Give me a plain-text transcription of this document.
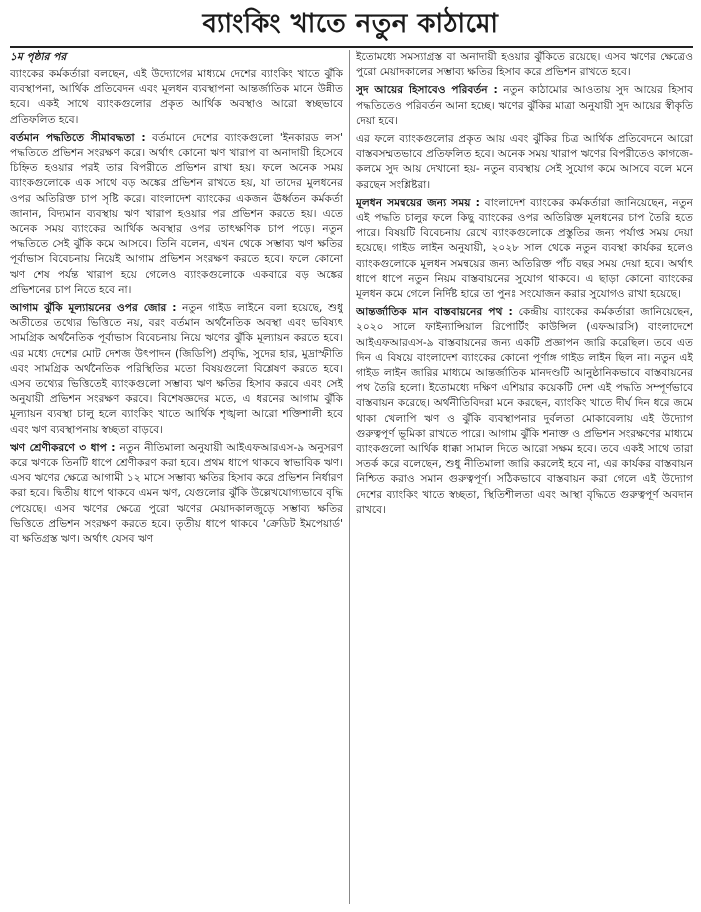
ব্যাংকিং খাতে নতুন কাঠামো
১ম পৃষ্ঠার পর

ব্যাংকের কর্মকর্তারা বলছেন, এই উদ্যোগের মাধ্যমে দেশের ব্যাংকিং খাতে ঝুঁকি ব্যবস্থাপনা, আর্থিক প্রতিবেদন এবং মূলধন ব্যবস্থাপনা আন্তর্জাতিক মানে উন্নীত হবে। একই সাথে ব্যাংকগুলোর প্রকৃত আর্থিক অবস্থাও আরো স্বচ্ছভাবে প্রতিফলিত হবে।

বর্তমান পদ্ধতিতে সীমাবদ্ধতা : বর্তমানে দেশের ব্যাংকগুলো 'ইনকারড লস' পদ্ধতিতে প্রভিশন সংরক্ষণ করে। অর্থাৎ কোনো ঋণ খারাপ বা অনাদায়ী হিসেবে চিহ্নিত হওয়ার পরই তার বিপরীতে প্রভিশন রাখা হয়। ফলে অনেক সময় ব্যাংকগুলোকে এক সাথে বড় অঙ্কের প্রভিশন রাখতে হয়, যা তাদের মুলধনের ওপর অতিরিক্ত চাপ সৃষ্টি করে। বাংলাদেশ ব্যাংকের একজন ঊর্ধ্বতন কর্মকর্তা জানান, বিদ্যমান ব্যবস্থায় ঋণ খারাপ হওয়ার পর প্রভিশন করতে হয়। এতে অনেক সময় ব্যাংকের আর্থিক অবস্থার ওপর তাৎক্ষণিক চাপ পড়ে। নতুন পদ্ধতিতে সেই ঝুঁকি কমে আসবে। তিনি বলেন, এখন থেকে সম্ভাব্য ঋণ ক্ষতির পূর্বাভাস বিবেচনায় নিয়েই আগাম প্রভিশন সংরক্ষণ করতে হবে। ফলে কোনো ঋণ শেষ পর্যন্ত খারাপ হয়ে গেলেও ব্যাংকগুলোকে একবারে বড় অঙ্কের প্রভিশনের চাপ নিতে হবে না।

আগাম ঝুঁকি মূল্যায়নের ওপর জোর : নতুন গাইড লাইনে বলা হয়েছে, শুধু অতীতের তথ্যের ভিত্তিতে নয়, বরং বর্তমান অর্থনৈতিক অবস্থা এবং ভবিষ্যৎ সামগ্রিক অর্থনৈতিক পূর্বাভাস বিবেচনায় নিয়ে ঋণের ঝুঁকি মূল্যায়ন করতে হবে। এর মধ্যে দেশের মোট দেশজ উৎপাদন (জিডিপি) প্রবৃদ্ধি, সুদের হার, মুদ্রাস্ফীতি এবং সামগ্রিক অর্থনৈতিক পরিস্থিতির মতো বিষয়গুলো বিশ্লেষণ করতে হবে। এসব তথ্যের ভিত্তিতেই ব্যাংকগুলো সম্ভাব্য ঋণ ক্ষতির হিসাব করবে এবং সেই অনুযায়ী প্রভিশন সংরক্ষণ করবে। বিশেষজ্ঞদের মতে, এ ধরনের আগাম ঝুঁকি মূল্যায়ন ব্যবস্থা চালু হলে ব্যাংকিং খাতে আর্থিক শৃঙ্খলা আরো শক্তিশালী হবে এবং ঋণ ব্যবস্থাপনায় স্বচ্ছতা বাড়বে।

ঋণ শ্রেণীকরণে ৩ ধাপ : নতুন নীতিমালা অনুযায়ী আইএফআরএস-৯ অনুসরণ করে ঋণকে তিনটি ধাপে শ্রেণীকরণ করা হবে। প্রথম ধাপে থাকবে স্বাভাবিক ঋণ। এসব ঋণের ক্ষেত্রে আগামী ১২ মাসে সম্ভাব্য ক্ষতির হিসাব করে প্রভিশন নির্ধারণ করা হবে। দ্বিতীয় ধাপে থাকবে এমন ঋণ, যেগুলোর ঝুঁকি উল্লেখযোগ্যভাবে বৃদ্ধি পেয়েছে। এসব ঋণের ক্ষেত্রে পুরো ঋণের মেয়াদকালজুড়ে সম্ভাব্য ক্ষতির ভিত্তিতে প্রভিশন সংরক্ষণ করতে হবে। তৃতীয় ধাপে থাকবে 'ক্রেডিট ইমপেয়ার্ড' বা ক্ষতিগ্রস্ত ঋণ। অর্থাৎ যেসব ঋণ

ইতোমধ্যে সমস্যাগ্রস্ত বা অনাদায়ী হওয়ার ঝুঁকিতে রয়েছে। এসব ঋণের ক্ষেত্রেও পুরো মেয়াদকালের সম্ভাব্য ক্ষতির হিসাব করে প্রভিশন রাখতে হবে।

সুদ আয়ের হিসাবেও পরিবর্তন : নতুন কাঠামোর আওতায় সুদ আয়ের হিসাব পদ্ধতিতেও পরিবর্তন আনা হচ্ছে। ঋণের ঝুঁকির মাত্রা অনুযায়ী সুদ আয়ের স্বীকৃতি দেয়া হবে।

এর ফলে ব্যাংকগুলোর প্রকৃত আয় এবং ঝুঁকির চিত্র আর্থিক প্রতিবেদনে আরো বাস্তবসম্মতভাবে প্রতিফলিত হবে। অনেক সময় খারাপ ঋণের বিপরীতেও কাগজে-কলমে সুদ আয় দেখানো হয়- নতুন ব্যবস্থায় সেই সুযোগ কমে আসবে বলে মনে করছেন সংশ্লিষ্টরা।

মূলধন সমন্বয়ের জন্য সময় : বাংলাদেশ ব্যাংকের কর্মকর্তারা জানিয়েছেন, নতুন এই পদ্ধতি চালুর ফলে কিছু ব্যাংকের ওপর অতিরিক্ত মূলধনের চাপ তৈরি হতে পারে। বিষয়টি বিবেচনায় রেখে ব্যাংকগুলোকে প্রস্তুতির জন্য পর্যাপ্ত সময় দেয়া হয়েছে। গাইড লাইন অনুযায়ী, ২০২৮ সাল থেকে নতুন ব্যবস্থা কার্যকর হলেও ব্যাংকগুলোকে মূলধন সমন্বয়ের জন্য অতিরিক্ত পাঁচ বছর সময় দেয়া হবে। অর্থাৎ ধাপে ধাপে নতুন নিয়ম বাস্তবায়নের সুযোগ থাকবে। এ ছাড়া কোনো ব্যাংকের মূলধন কমে গেলে নির্দিষ্ট হারে তা পুনঃ সংযোজন করার সুযোগও রাখা হয়েছে।

আন্তর্জাতিক মান বাস্তবায়নের পথ : কেন্দ্রীয় ব্যাংকের কর্মকর্তারা জানিয়েছেন, ২০২০ সালে ফাইন্যান্সিয়াল রিপোর্টিং কাউন্সিল (এফআরসি) বাংলাদেশে আইএফআরএস-৯ বাস্তবায়নের জন্য একটি প্রজ্ঞাপন জারি করেছিল। তবে এত দিন এ বিষয়ে বাংলাদেশ ব্যাংকের কোনো পূর্ণাঙ্গ গাইড লাইন ছিল না। নতুন এই গাইড লাইন জারির মাধ্যমে আন্তর্জাতিক মানদণ্ডটি আনুষ্ঠানিকভাবে বাস্তবায়নের পথ তৈরি হলো। ইতোমধ্যে দক্ষিণ এশিয়ার কয়েকটি দেশ এই পদ্ধতি সম্পূর্ণভাবে বাস্তবায়ন করেছে। অর্থনীতিবিদরা মনে করছেন, ব্যাংকিং খাতে দীর্ঘ দিন ধরে জমে থাকা খেলাপি ঋণ ও ঝুঁকি ব্যবস্থাপনার দুর্বলতা মোকাবেলায় এই উদ্যোগ গুরুত্বপূর্ণ ভূমিকা রাখতে পারে। আগাম ঝুঁকি শনাক্ত ও প্রভিশন সংরক্ষণের মাধ্যমে ব্যাংকগুলো আর্থিক ধাক্কা সামাল দিতে আরো সক্ষম হবে। তবে একই সাথে তারা সতর্ক করে বলেছেন, শুধু নীতিমালা জারি করলেই হবে না, এর কার্যকর বাস্তবায়ন নিশ্চিত করাও সমান গুরুত্বপূর্ণ। সঠিকভাবে বাস্তবায়ন করা গেলে এই উদ্যোগ দেশের ব্যাংকিং খাতে স্বচ্ছতা, স্থিতিশীলতা এবং আস্থা বৃদ্ধিতে গুরুত্বপূর্ণ অবদান রাখবে।
